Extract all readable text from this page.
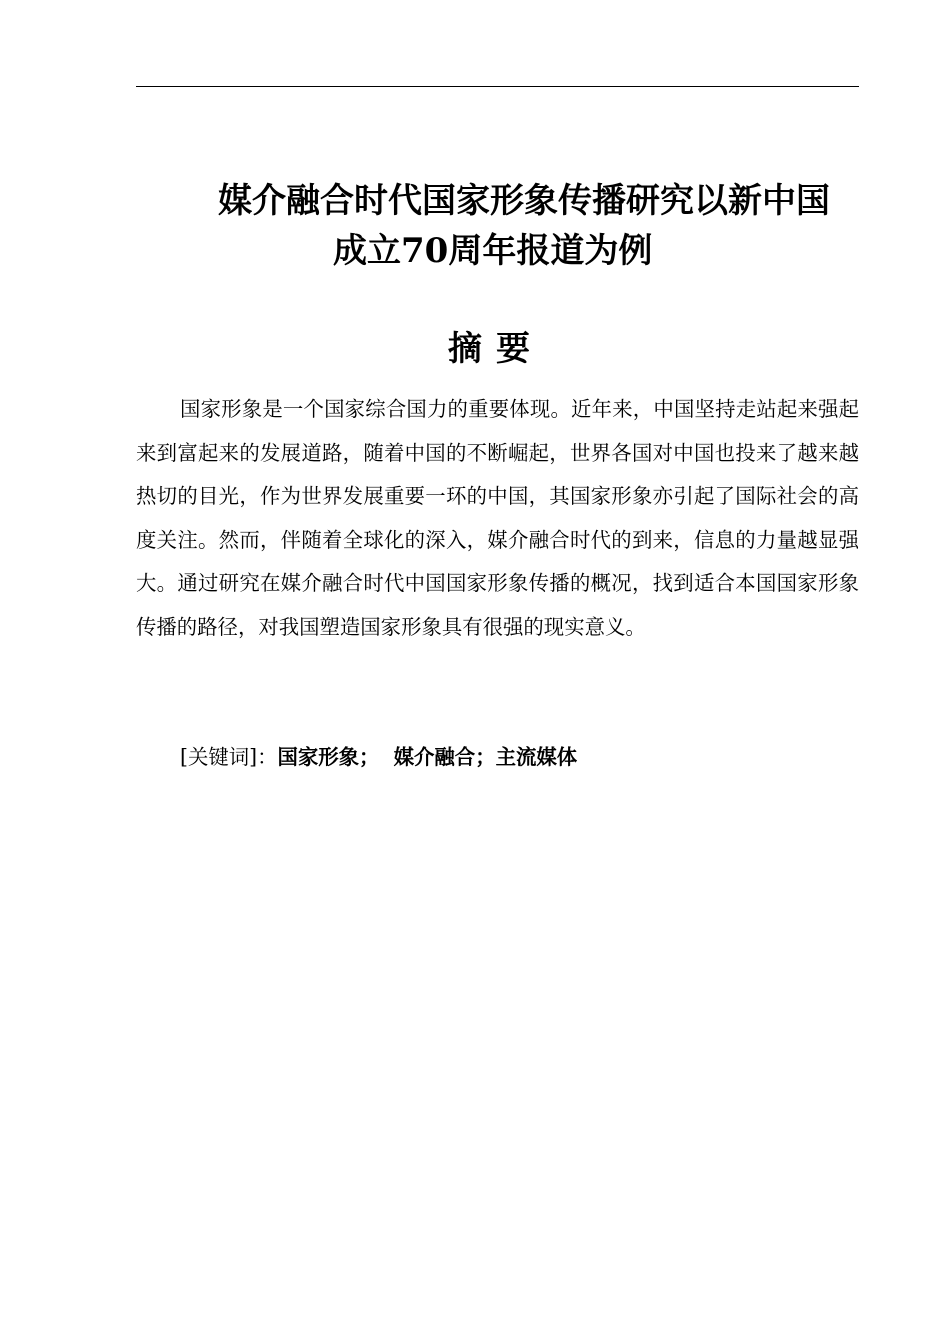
媒介融合时代国家形象传播研究以新中国
成立70周年报道为例
摘要

国家形象是一个国家综合国力的重要体现。近年来，中国坚持走站起来强起来到富起来的发展道路，随着中国的不断崛起，世界各国对中国也投来了越来越热切的目光，作为世界发展重要一环的中国，其国家形象亦引起了国际社会的高度关注。然而，伴随着全球化的深入，媒介融合时代的到来，信息的力量越显强大。通过研究在媒介融合时代中国国家形象传播的概况，找到适合本国国家形象传播的路径，对我国塑造国家形象具有很强的现实意义。

[关键词]：国家形象；  媒介融合；主流媒体
